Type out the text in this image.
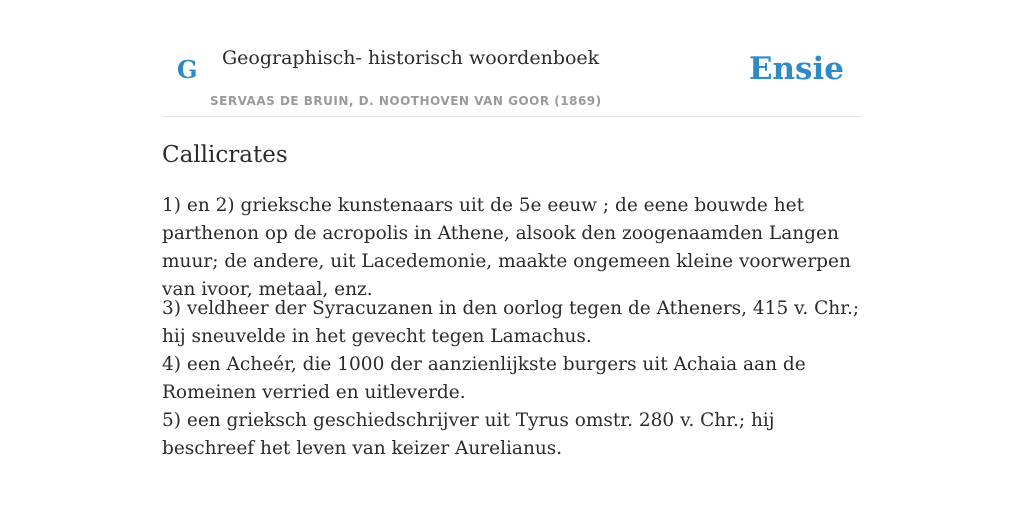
G Geographisch- historisch woordenboek
SERVAAS DE BRUIN, D. NOOTHOVEN VAN GOOR (1869)
Ensie
Callicrates

1) en 2) grieksche kunstenaars uit de 5e eeuw ; de eene bouwde het parthenon op de acropolis in Athene, alsook den zoogenaamden Langen muur; de andere, uit Lacedemonie, maakte ongemeen kleine voorwerpen van ivoor, metaal, enz.

3) veldheer der Syracuzanen in den oorlog tegen de Atheners, 415 v. Chr.; hij sneuvelde in het gevecht tegen Lamachus.
4) een Acheér, die 1000 der aanzienlijkste burgers uit Achaia aan de Romeinen verried en uitleverde.
5) een grieksch geschiedschrijver uit Tyrus omstr. 280 v. Chr.; hij beschreef het leven van keizer Aurelianus.
